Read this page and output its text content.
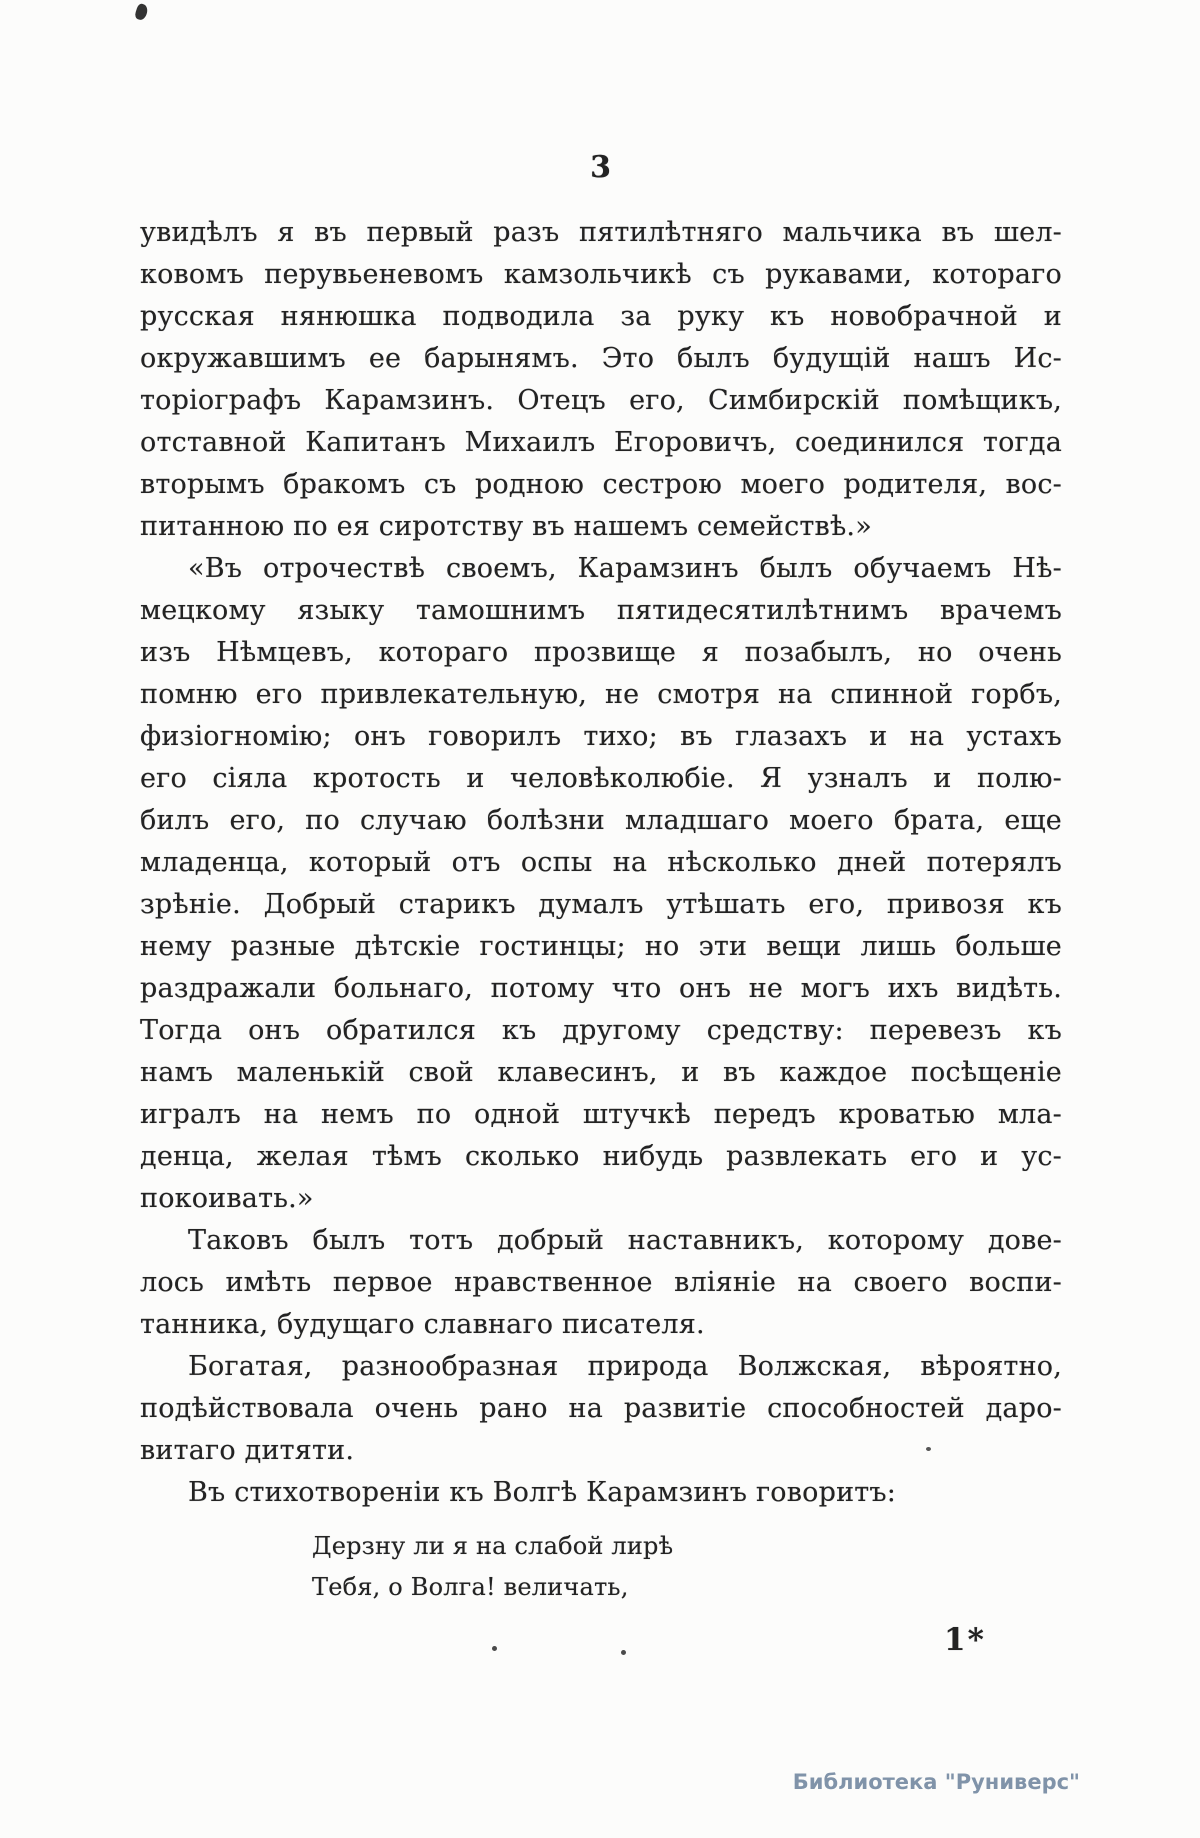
3
увидѣлъ я въ первый разъ пятилѣтняго мальчика въ шел-
ковомъ перувьеневомъ камзольчикѣ съ рукавами, котораго
русская нянюшка подводила за руку къ новобрачной и
окружавшимъ ее барынямъ. Это былъ будущій нашъ Ис-
торіографъ Карамзинъ. Отецъ его, Симбирскій помѣщикъ,
отставной Капитанъ Михаилъ Егоровичъ, соединился тогда
вторымъ бракомъ съ родною сестрою моего родителя, вос-
питанною по ея сиротству въ нашемъ семействѣ.»
«Въ отрочествѣ своемъ, Карамзинъ былъ обучаемъ Нѣ-
мецкому языку тамошнимъ пятидесятилѣтнимъ врачемъ
изъ Нѣмцевъ, котораго прозвище я позабылъ, но очень
помню его привлекательную, не смотря на спинной горбъ,
физіогномію; онъ говорилъ тихо; въ глазахъ и на устахъ
его сіяла кротость и человѣколюбіе. Я узналъ и полю-
билъ его, по случаю болѣзни младшаго моего брата, еще
младенца, который отъ оспы на нѣсколько дней потерялъ
зрѣніе. Добрый старикъ думалъ утѣшать его, привозя къ
нему разные дѣтскіе гостинцы; но эти вещи лишь больше
раздражали больнаго, потому что онъ не могъ ихъ видѣть.
Тогда онъ обратился къ другому средству: перевезъ къ
намъ маленькій свой клавесинъ, и въ каждое посѣщеніе
игралъ на немъ по одной штучкѣ передъ кроватью мла-
денца, желая тѣмъ сколько нибудь развлекать его и ус-
покоивать.»
Таковъ былъ тотъ добрый наставникъ, которому дове-
лось имѣть первое нравственное вліяніе на своего воспи-
танника, будущаго славнаго писателя.
Богатая, разнообразная природа Волжская, вѣроятно,
подѣйствовала очень рано на развитіе способностей даро-
витаго дитяти.
Въ стихотвореніи къ Волгѣ Карамзинъ говоритъ:
Дерзну ли я на слабой лирѣ
Тебя, о Волга! величать,
1*
Библиотека "Руниверс"
